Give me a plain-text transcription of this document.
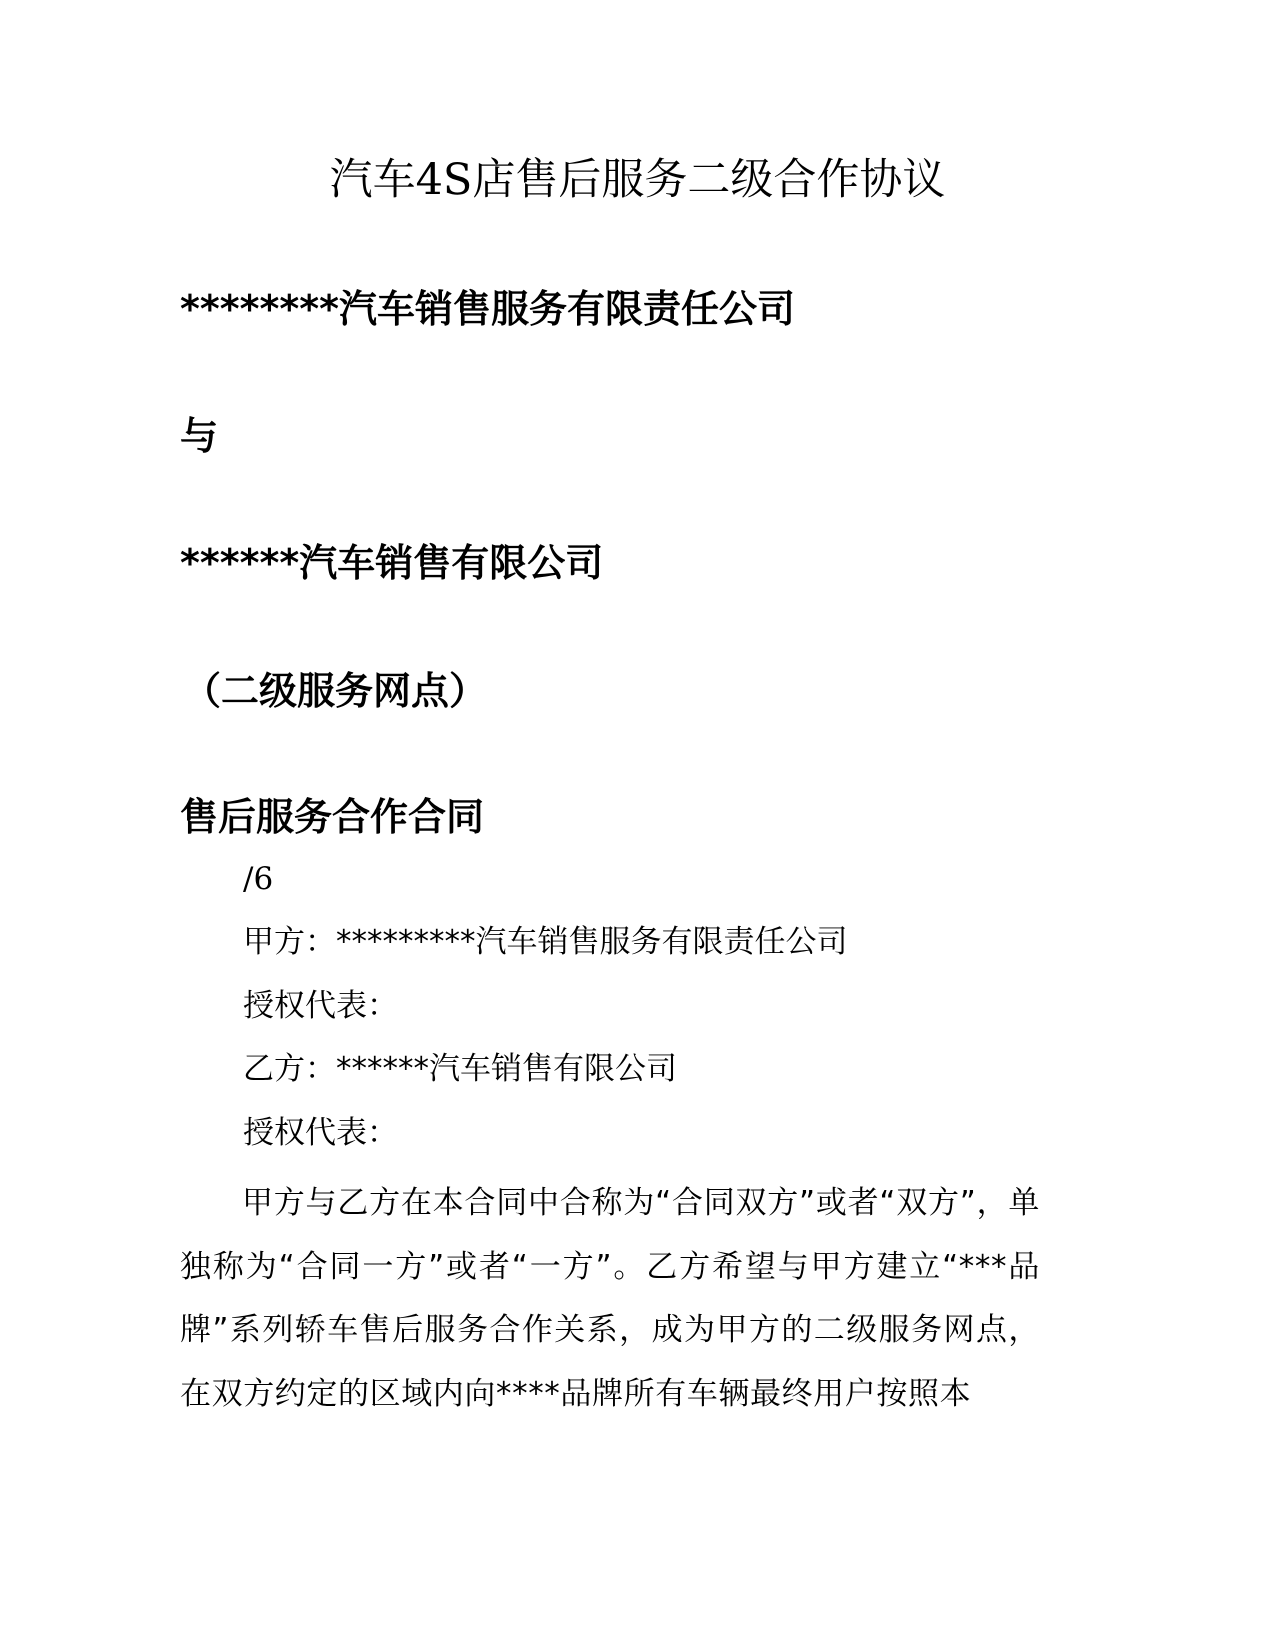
汽车4S店售后服务二级合作协议
********汽车销售服务有限责任公司
与
******汽车销售有限公司
（二级服务网点）
售后服务合作合同
/6
甲方：*********汽车销售服务有限责任公司
授权代表：
乙方：******汽车销售有限公司
授权代表：
甲方与乙方在本合同中合称为“合同双方”或者“双方”，单独称为“合同一方”或者“一方”。乙方希望与甲方建立“***品牌”系列轿车售后服务合作关系，成为甲方的二级服务网点，在双方约定的区域内向****品牌所有车辆最终用户按照本
